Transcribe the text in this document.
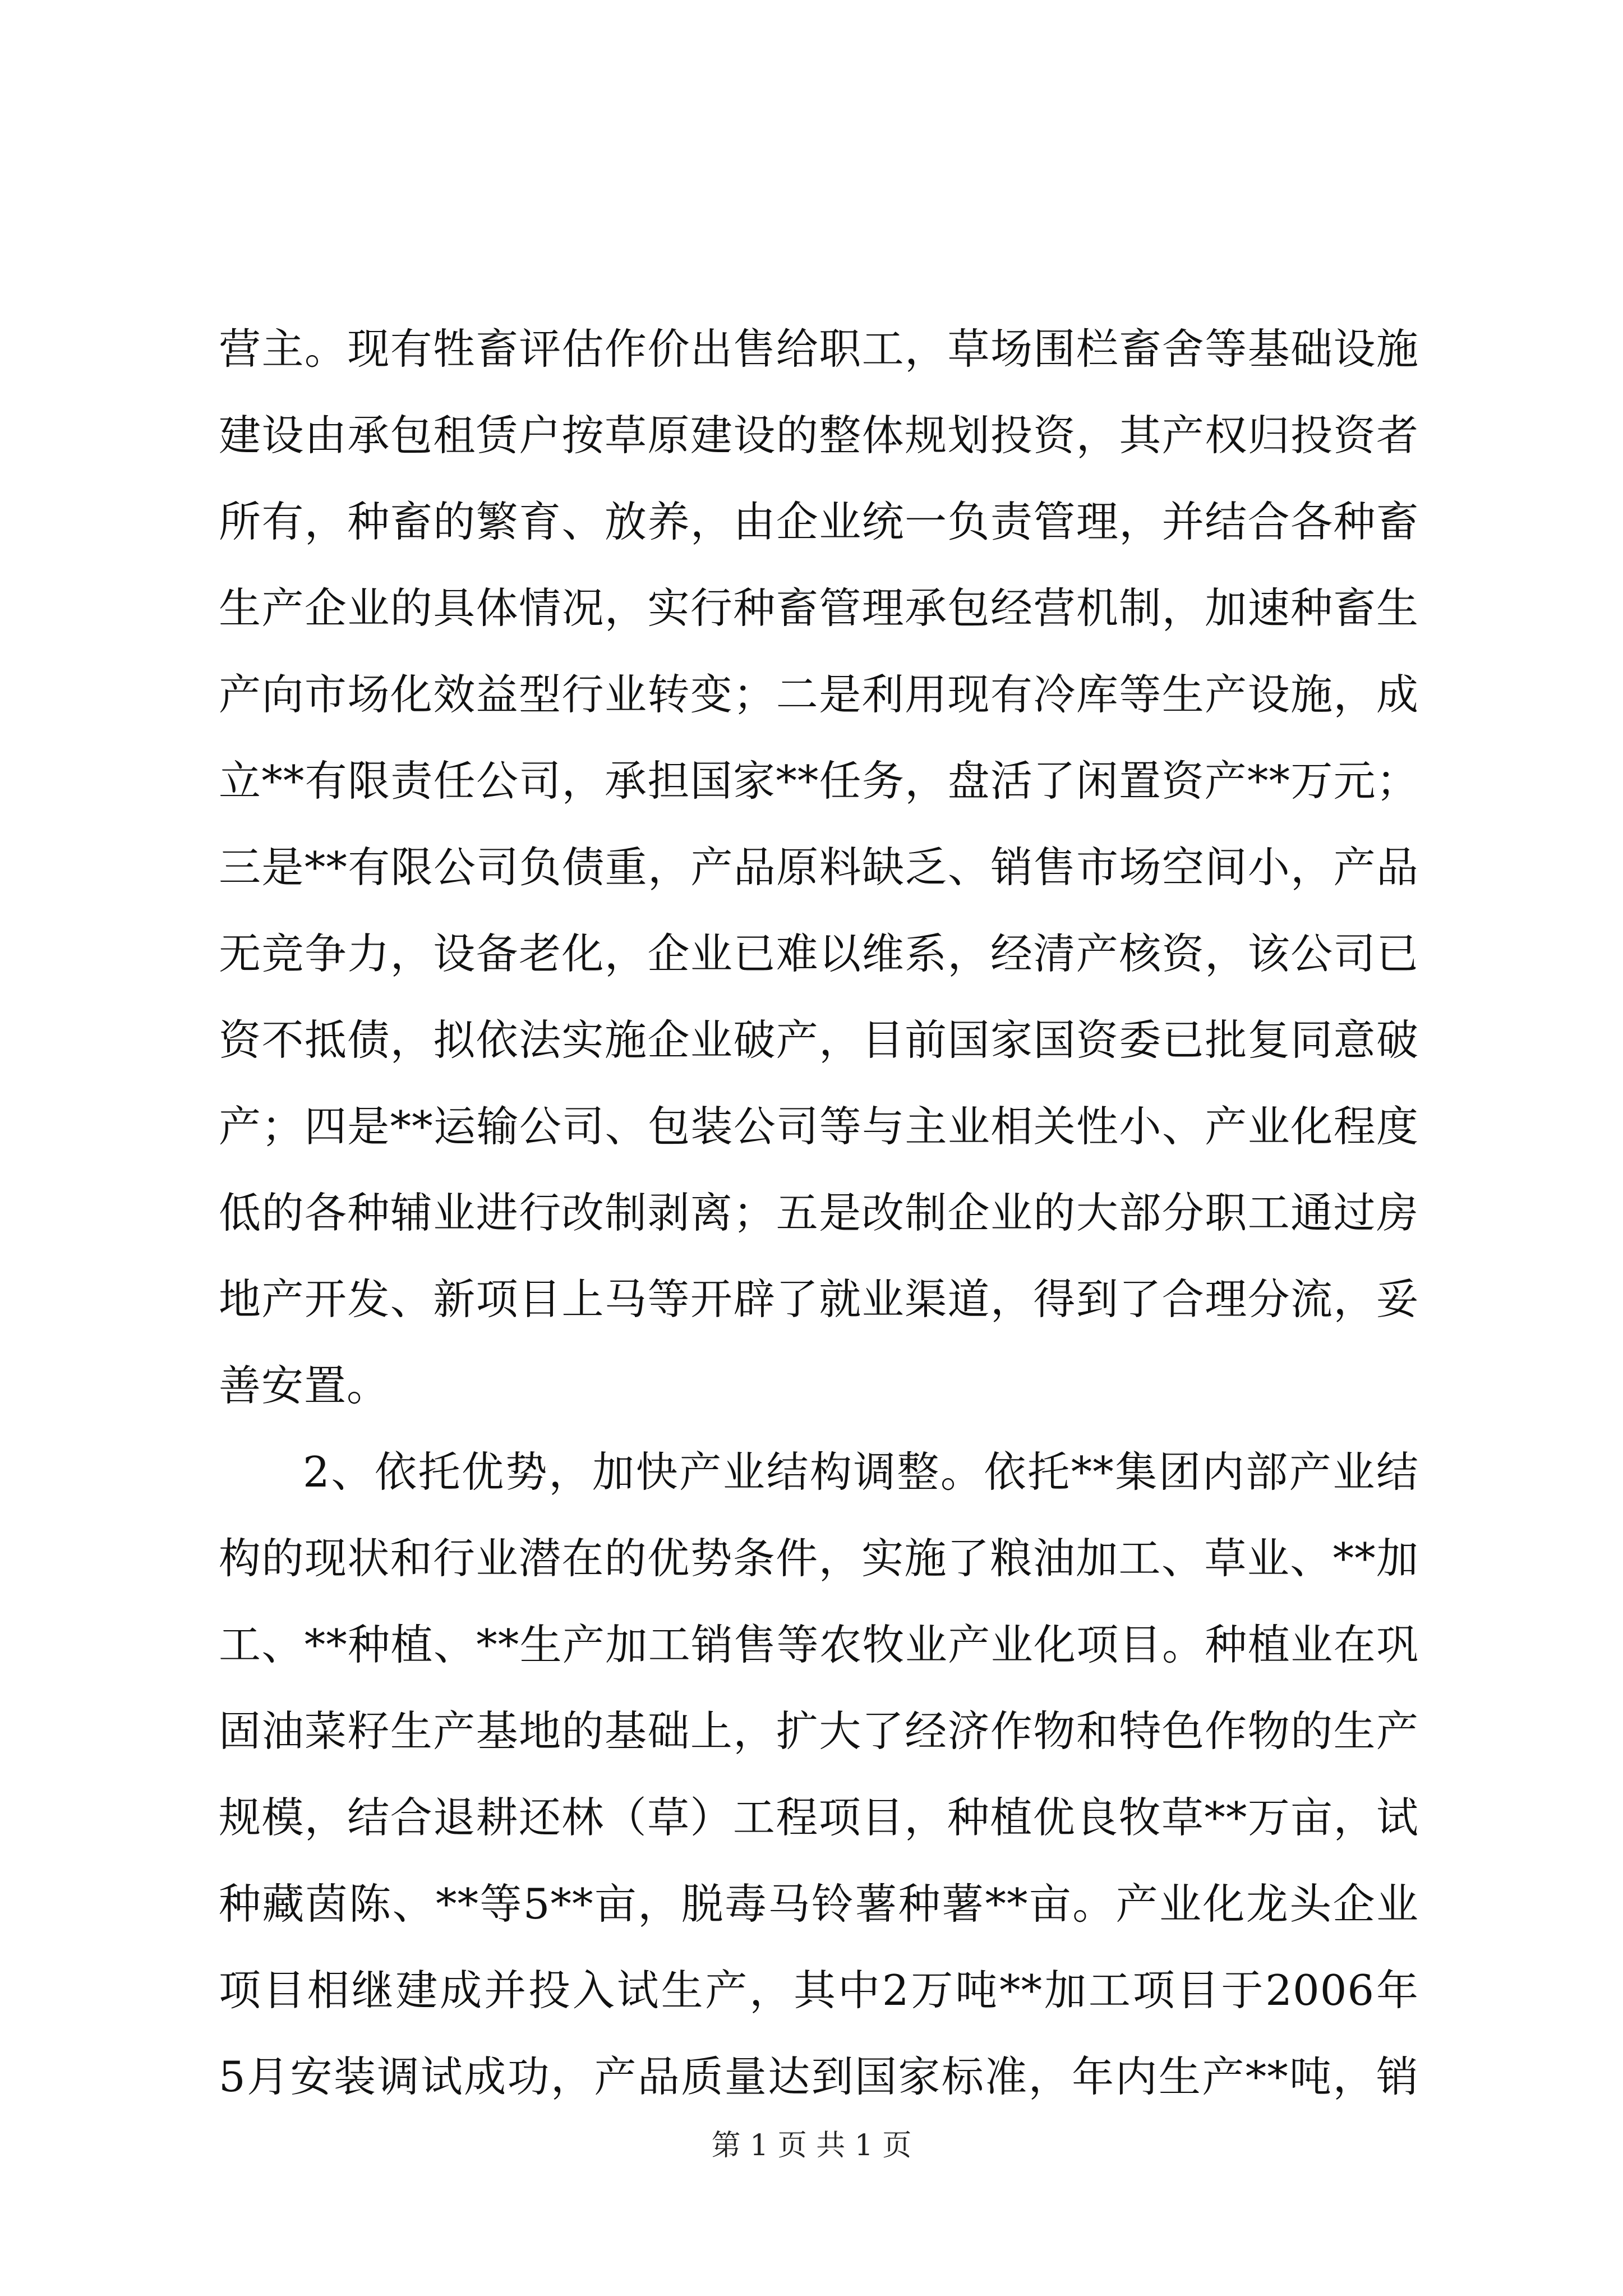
营主。现有牲畜评估作价出售给职工，草场围栏畜舍等基础设施
建设由承包租赁户按草原建设的整体规划投资，其产权归投资者
所有，种畜的繁育、放养，由企业统一负责管理，并结合各种畜
生产企业的具体情况，实行种畜管理承包经营机制，加速种畜生
产向市场化效益型行业转变；二是利用现有冷库等生产设施，成
立**有限责任公司，承担国家**任务，盘活了闲置资产**万元；
三是**有限公司负债重，产品原料缺乏、销售市场空间小，产品
无竞争力，设备老化，企业已难以维系，经清产核资，该公司已
资不抵债，拟依法实施企业破产，目前国家国资委已批复同意破
产；四是**运输公司、包装公司等与主业相关性小、产业化程度
低的各种辅业进行改制剥离；五是改制企业的大部分职工通过房
地产开发、新项目上马等开辟了就业渠道，得到了合理分流，妥
善安置。
2、依托优势，加快产业结构调整。依托**集团内部产业结
构的现状和行业潜在的优势条件，实施了粮油加工、草业、**加
工、**种植、**生产加工销售等农牧业产业化项目。种植业在巩
固油菜籽生产基地的基础上，扩大了经济作物和特色作物的生产
规模，结合退耕还林（草）工程项目，种植优良牧草**万亩，试
种藏茵陈、**等5**亩，脱毒马铃薯种薯**亩。产业化龙头企业
项目相继建成并投入试生产，其中2万吨**加工项目于2006年
5月安装调试成功，产品质量达到国家标准，年内生产**吨，销
第 1 页 共 1 页
